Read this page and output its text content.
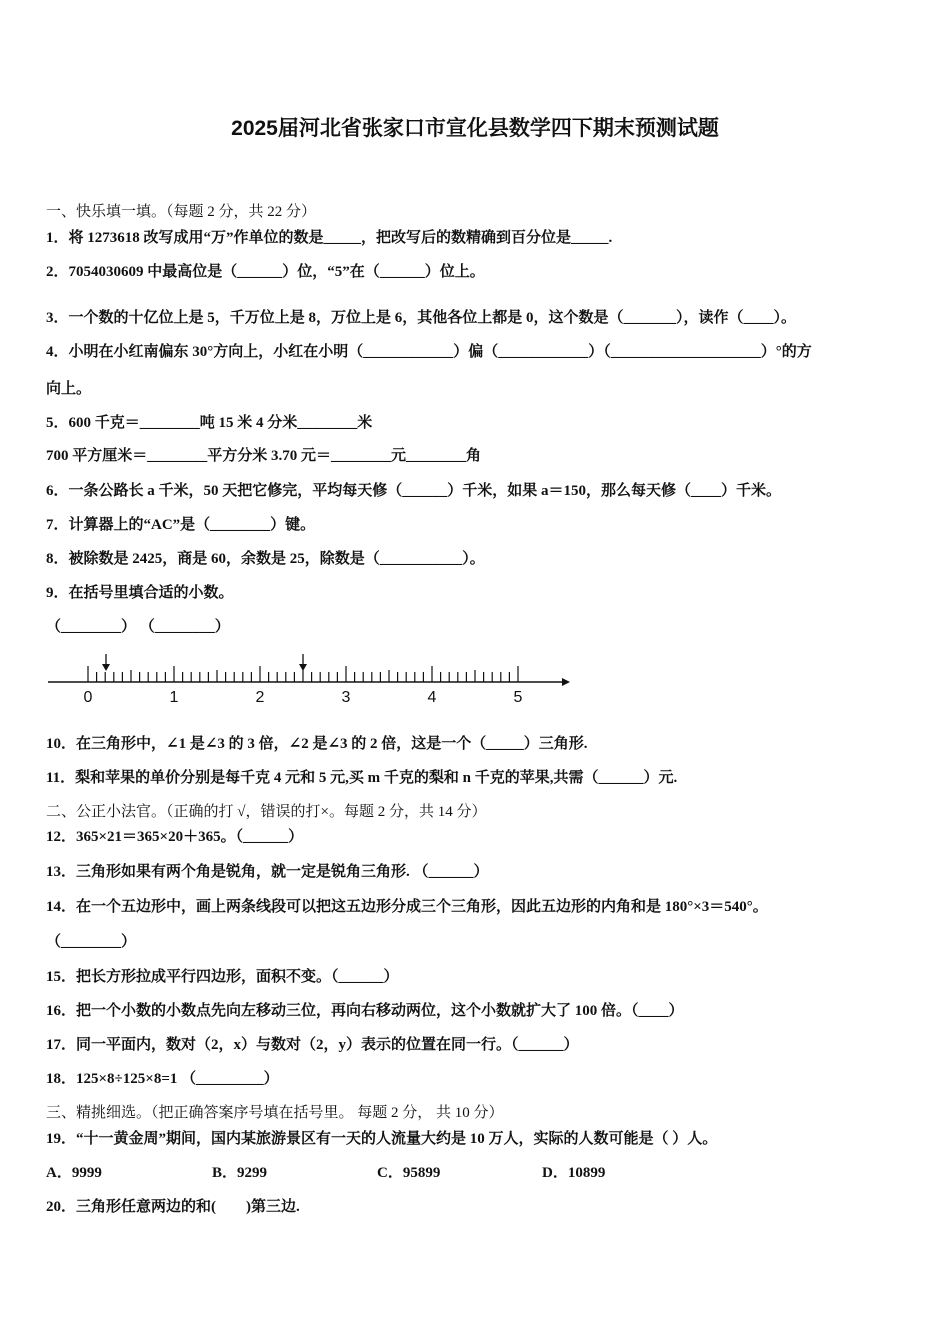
2025届河北省张家口市宣化县数学四下期末预测试题
一、快乐填一填。（每题 2 分，共 22 分）
1．将 1273618 改写成用“万”作单位的数是_____，把改写后的数精确到百分位是_____.
2．7054030609 中最高位是（______）位，“5”在（______）位上。
3．一个数的十亿位上是 5，千万位上是 8，万位上是 6，其他各位上都是 0，这个数是（_______），读作（____）。
4．小明在小红南偏东 30°方向上，小红在小明（____________）偏（____________）（____________________）°的方
向上。
5．600 千克＝________吨 15 米 4 分米________米
700 平方厘米＝________平方分米 3.70 元＝________元________角
6．一条公路长 a 千米，50 天把它修完，平均每天修（______）千米，如果 a＝150，那么每天修（____）千米。
7．计算器上的“AC”是（________）键。
8．被除数是 2425，商是 60，余数是 25，除数是（___________）。
9．在括号里填合适的小数。
（________） （________）
0	1	2	3	4	5
10．在三角形中，∠1 是∠3 的 3 倍，∠2 是∠3 的 2 倍，这是一个（_____）三角形.
11．梨和苹果的单价分别是每千克 4 元和 5 元,买 m 千克的梨和 n 千克的苹果,共需（______）元.
二、公正小法官。（正确的打 √，错误的打×。每题 2 分，共 14 分）
12．365×21＝365×20＋365。（______）
13．三角形如果有两个角是锐角，就一定是锐角三角形. （______）
14．在一个五边形中，画上两条线段可以把这五边形分成三个三角形，因此五边形的内角和是 180°×3＝540°。
（________）
15．把长方形拉成平行四边形，面积不变。（______）
16．把一个小数的小数点先向左移动三位，再向右移动两位，这个小数就扩大了 100 倍。（____）
17．同一平面内，数对（2，x）与数对（2，y）表示的位置在同一行。（______）
18．125×8÷125×8=1 （_________）
三、精挑细选。（把正确答案序号填在括号里。 每题 2 分， 共 10 分）
19．“十一黄金周”期间，国内某旅游景区有一天的人流量大约是 10 万人，实际的人数可能是（ ）人。
A．9999	B．9299	C．95899	D．10899
20．三角形任意两边的和(　　)第三边.
